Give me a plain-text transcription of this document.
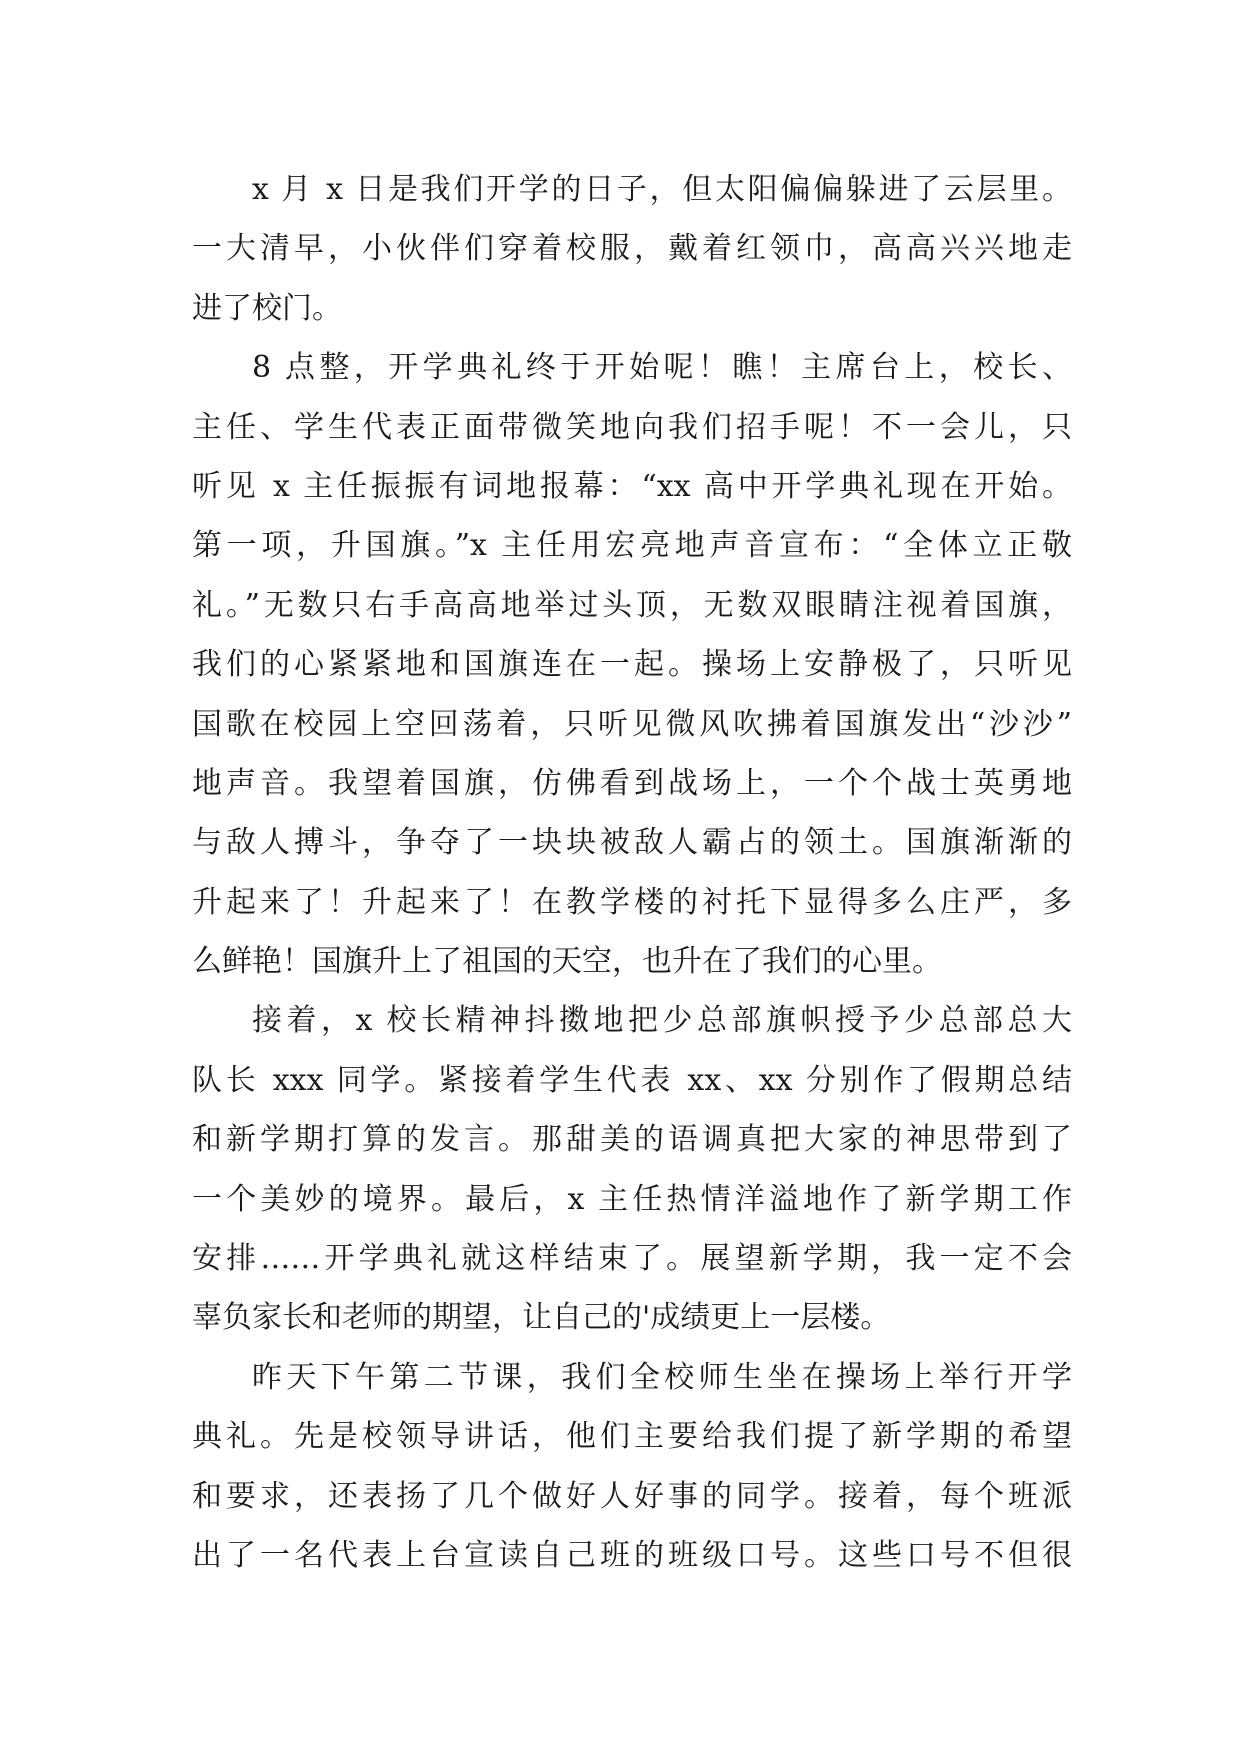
x 月 x 日是我们开学的日子，但太阳偏偏躲进了云层里。
一大清早，小伙伴们穿着校服，戴着红领巾，高高兴兴地走
进了校门。
8 点整，开学典礼终于开始呢！瞧！主席台上，校长、
主任、学生代表正面带微笑地向我们招手呢！不一会儿，只
听见 x 主任振振有词地报幕：“xx 高中开学典礼现在开始。
第一项，升国旗。”x 主任用宏亮地声音宣布：“全体立正敬
礼。”无数只右手高高地举过头顶，无数双眼睛注视着国旗，
我们的心紧紧地和国旗连在一起。操场上安静极了，只听见
国歌在校园上空回荡着，只听见微风吹拂着国旗发出“沙沙”
地声音。我望着国旗，仿佛看到战场上，一个个战士英勇地
与敌人搏斗，争夺了一块块被敌人霸占的领土。国旗渐渐的
升起来了！升起来了！在教学楼的衬托下显得多么庄严，多
么鲜艳！国旗升上了祖国的天空，也升在了我们的心里。
接着，x 校长精神抖擞地把少总部旗帜授予少总部总大
队长 xxx 同学。紧接着学生代表 xx、xx 分别作了假期总结
和新学期打算的发言。那甜美的语调真把大家的神思带到了
一个美妙的境界。最后，x 主任热情洋溢地作了新学期工作
安排……开学典礼就这样结束了。展望新学期，我一定不会
辜负家长和老师的期望，让自己的'成绩更上一层楼。
昨天下午第二节课，我们全校师生坐在操场上举行开学
典礼。先是校领导讲话，他们主要给我们提了新学期的希望
和要求，还表扬了几个做好人好事的同学。接着，每个班派
出了一名代表上台宣读自己班的班级口号。这些口号不但很
